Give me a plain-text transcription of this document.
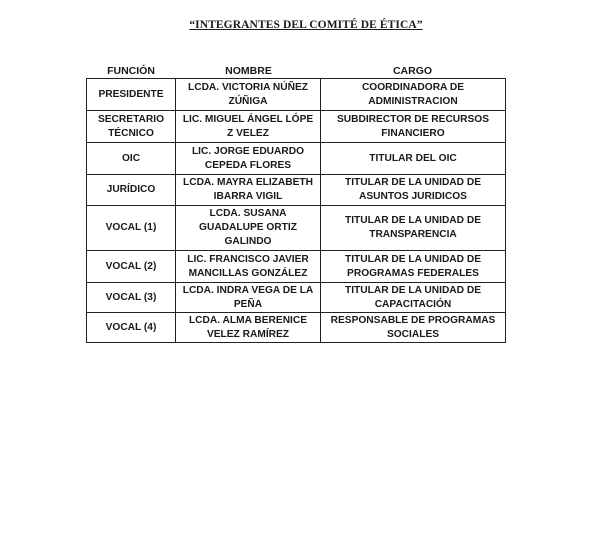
“INTEGRANTES DEL COMITÉ DE ÉTICA”
FUNCIÓN	NOMBRE	CARGO
PRESIDENTE	LCDA. VICTORIA NÚÑEZ ZÚÑIGA	COORDINADORA DE ADMINISTRACION
SECRETARIO TÉCNICO	LIC. MIGUEL ÁNGEL LÓPE Z VELEZ	SUBDIRECTOR DE RECURSOS FINANCIERO
OIC	LIC. JORGE EDUARDO CEPEDA FLORES	TITULAR DEL OIC
JURÍDICO	LCDA. MAYRA ELIZABETH IBARRA VIGIL	TITULAR DE LA UNIDAD DE ASUNTOS JURIDICOS
VOCAL (1)	LCDA. SUSANA GUADALUPE ORTIZ GALINDO	TITULAR DE LA UNIDAD DE TRANSPARENCIA
VOCAL (2)	LIC. FRANCISCO JAVIER MANCILLAS GONZÁLEZ	TITULAR DE LA UNIDAD DE PROGRAMAS FEDERALES
VOCAL (3)	LCDA. INDRA VEGA DE LA PEÑA	TITULAR DE LA UNIDAD DE CAPACITACIÓN
VOCAL (4)	LCDA. ALMA BERENICE VELEZ RAMÍREZ	RESPONSABLE DE PROGRAMAS SOCIALES
